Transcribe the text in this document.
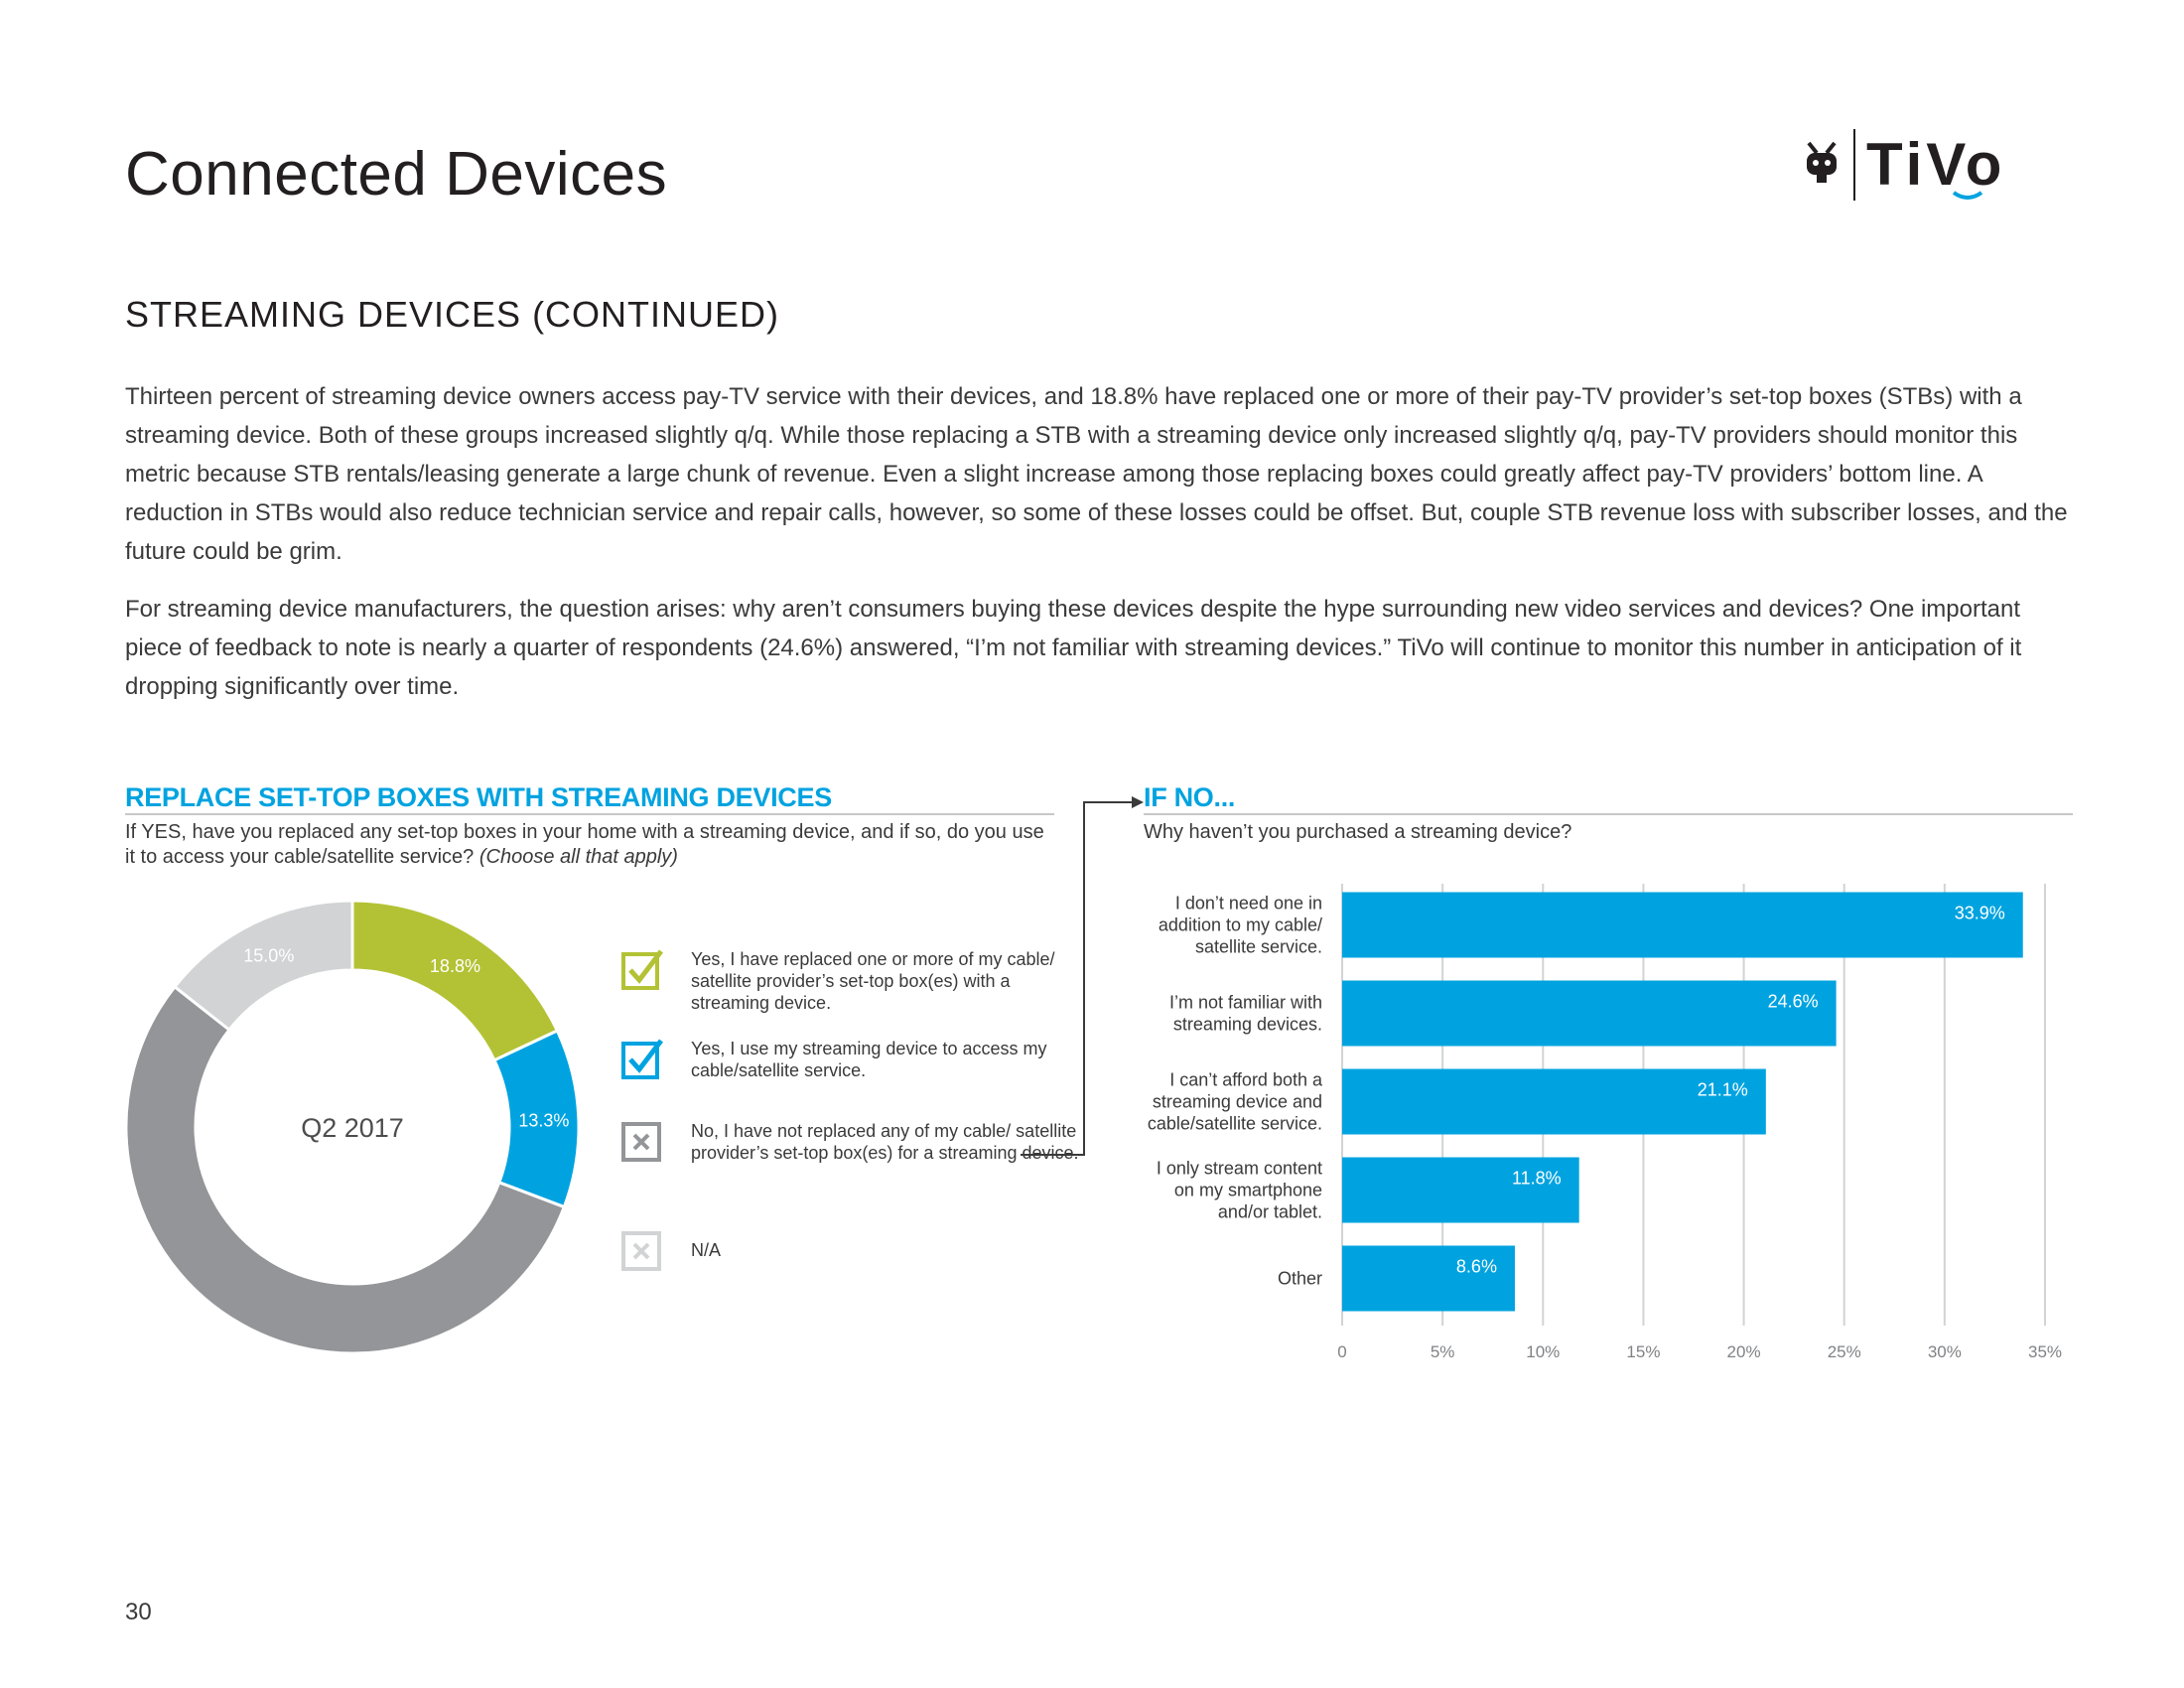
Connected Devices	TiVo
STREAMING DEVICES (CONTINUED)

Thirteen percent of streaming device owners access pay-TV service with their devices, and 18.8% have replaced one or more of their pay-TV provider’s set-top boxes (STBs) with a streaming device. Both of these groups increased slightly q/q. While those replacing a STB with a streaming device only increased slightly q/q, pay-TV providers should monitor this metric because STB rentals/leasing generate a large chunk of revenue. Even a slight increase among those replacing boxes could greatly affect pay-TV providers’ bottom line. A reduction in STBs would also reduce technician service and repair calls, however, so some of these losses could be offset. But, couple STB revenue loss with subscriber losses, and the future could be grim.

For streaming device manufacturers, the question arises: why aren’t consumers buying these devices despite the hype surrounding new video services and devices? One important piece of feedback to note is nearly a quarter of respondents (24.6%) answered, “I’m not familiar with streaming devices.” TiVo will continue to monitor this number in anticipation of it dropping significantly over time.

REPLACE SET-TOP BOXES WITH STREAMING DEVICES
If YES, have you replaced any set-top boxes in your home with a streaming device, and if so, do you use it to access your cable/satellite service? (Choose all that apply)
18.8%
13.3%
57.3%
15.0%
Q2 2017
Yes, I have replaced one or more of my cable/ satellite provider’s set-top box(es) with a streaming device.
Yes, I use my streaming device to access my cable/satellite service.
No, I have not replaced any of my cable/ satellite provider’s set-top box(es) for a streaming device.
N/A
IF NO...
Why haven’t you purchased a streaming device?
0	5%	10%	15%	20%	25%	30%	35%
33.9%
I don’t need one in addition to my cable/ satellite service.
24.6%
I’m not familiar with streaming devices.
21.1%
I can’t afford both a streaming device and cable/satellite service.
11.8%
I only stream content on my smartphone and/or tablet.
8.6%
Other
30
